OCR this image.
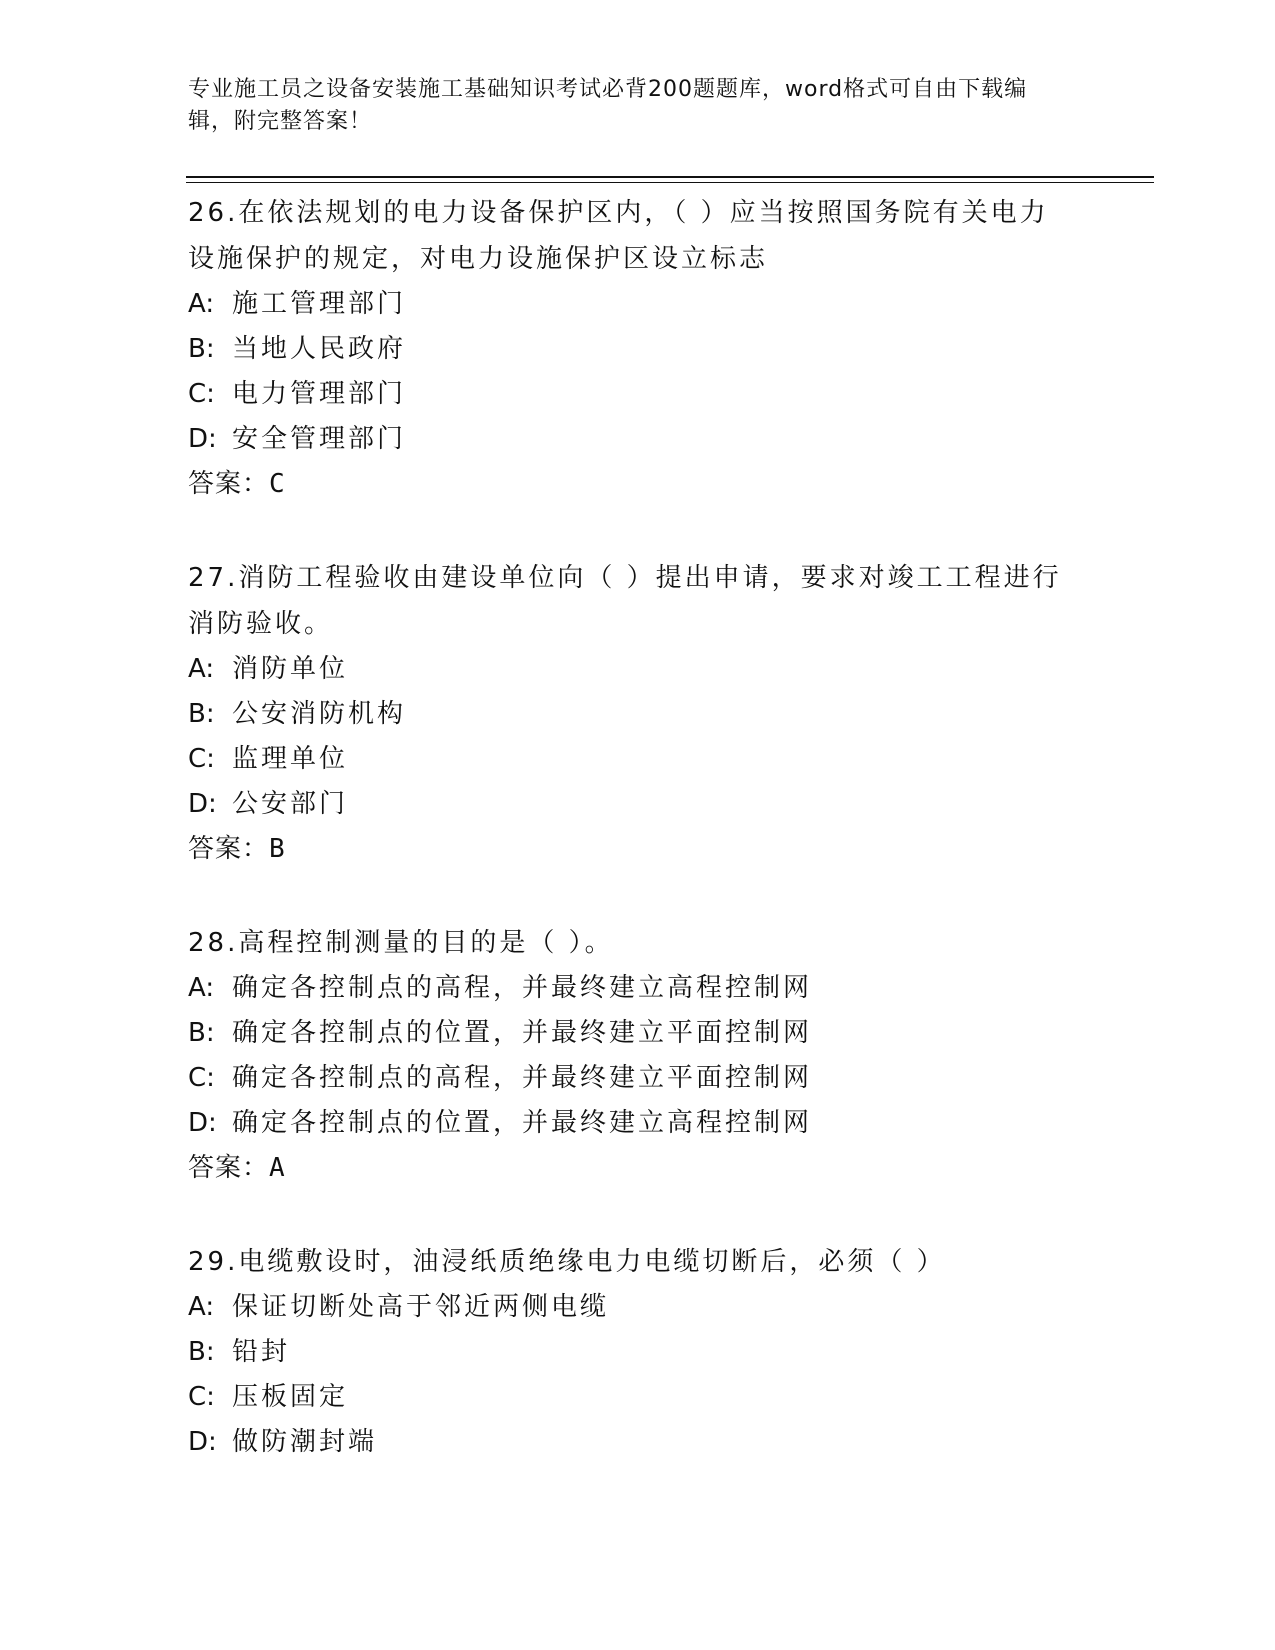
专业施工员之设备安装施工基础知识考试必背200题题库，word格式可自由下载编辑，附完整答案！
26.在依法规划的电力设备保护区内，（ ）应当按照国务院有关电力设施保护的规定，对电力设施保护区设立标志
A: 施工管理部门
B: 当地人民政府
C: 电力管理部门
D: 安全管理部门
答案：C
27.消防工程验收由建设单位向（ ）提出申请，要求对竣工工程进行消防验收。
A: 消防单位
B: 公安消防机构
C: 监理单位
D: 公安部门
答案：B
28.高程控制测量的目的是（ ）。
A: 确定各控制点的高程，并最终建立高程控制网
B: 确定各控制点的位置，并最终建立平面控制网
C: 确定各控制点的高程，并最终建立平面控制网
D: 确定各控制点的位置，并最终建立高程控制网
答案：A
29.电缆敷设时，油浸纸质绝缘电力电缆切断后，必须（ ）
A: 保证切断处高于邻近两侧电缆
B: 铅封
C: 压板固定
D: 做防潮封端
